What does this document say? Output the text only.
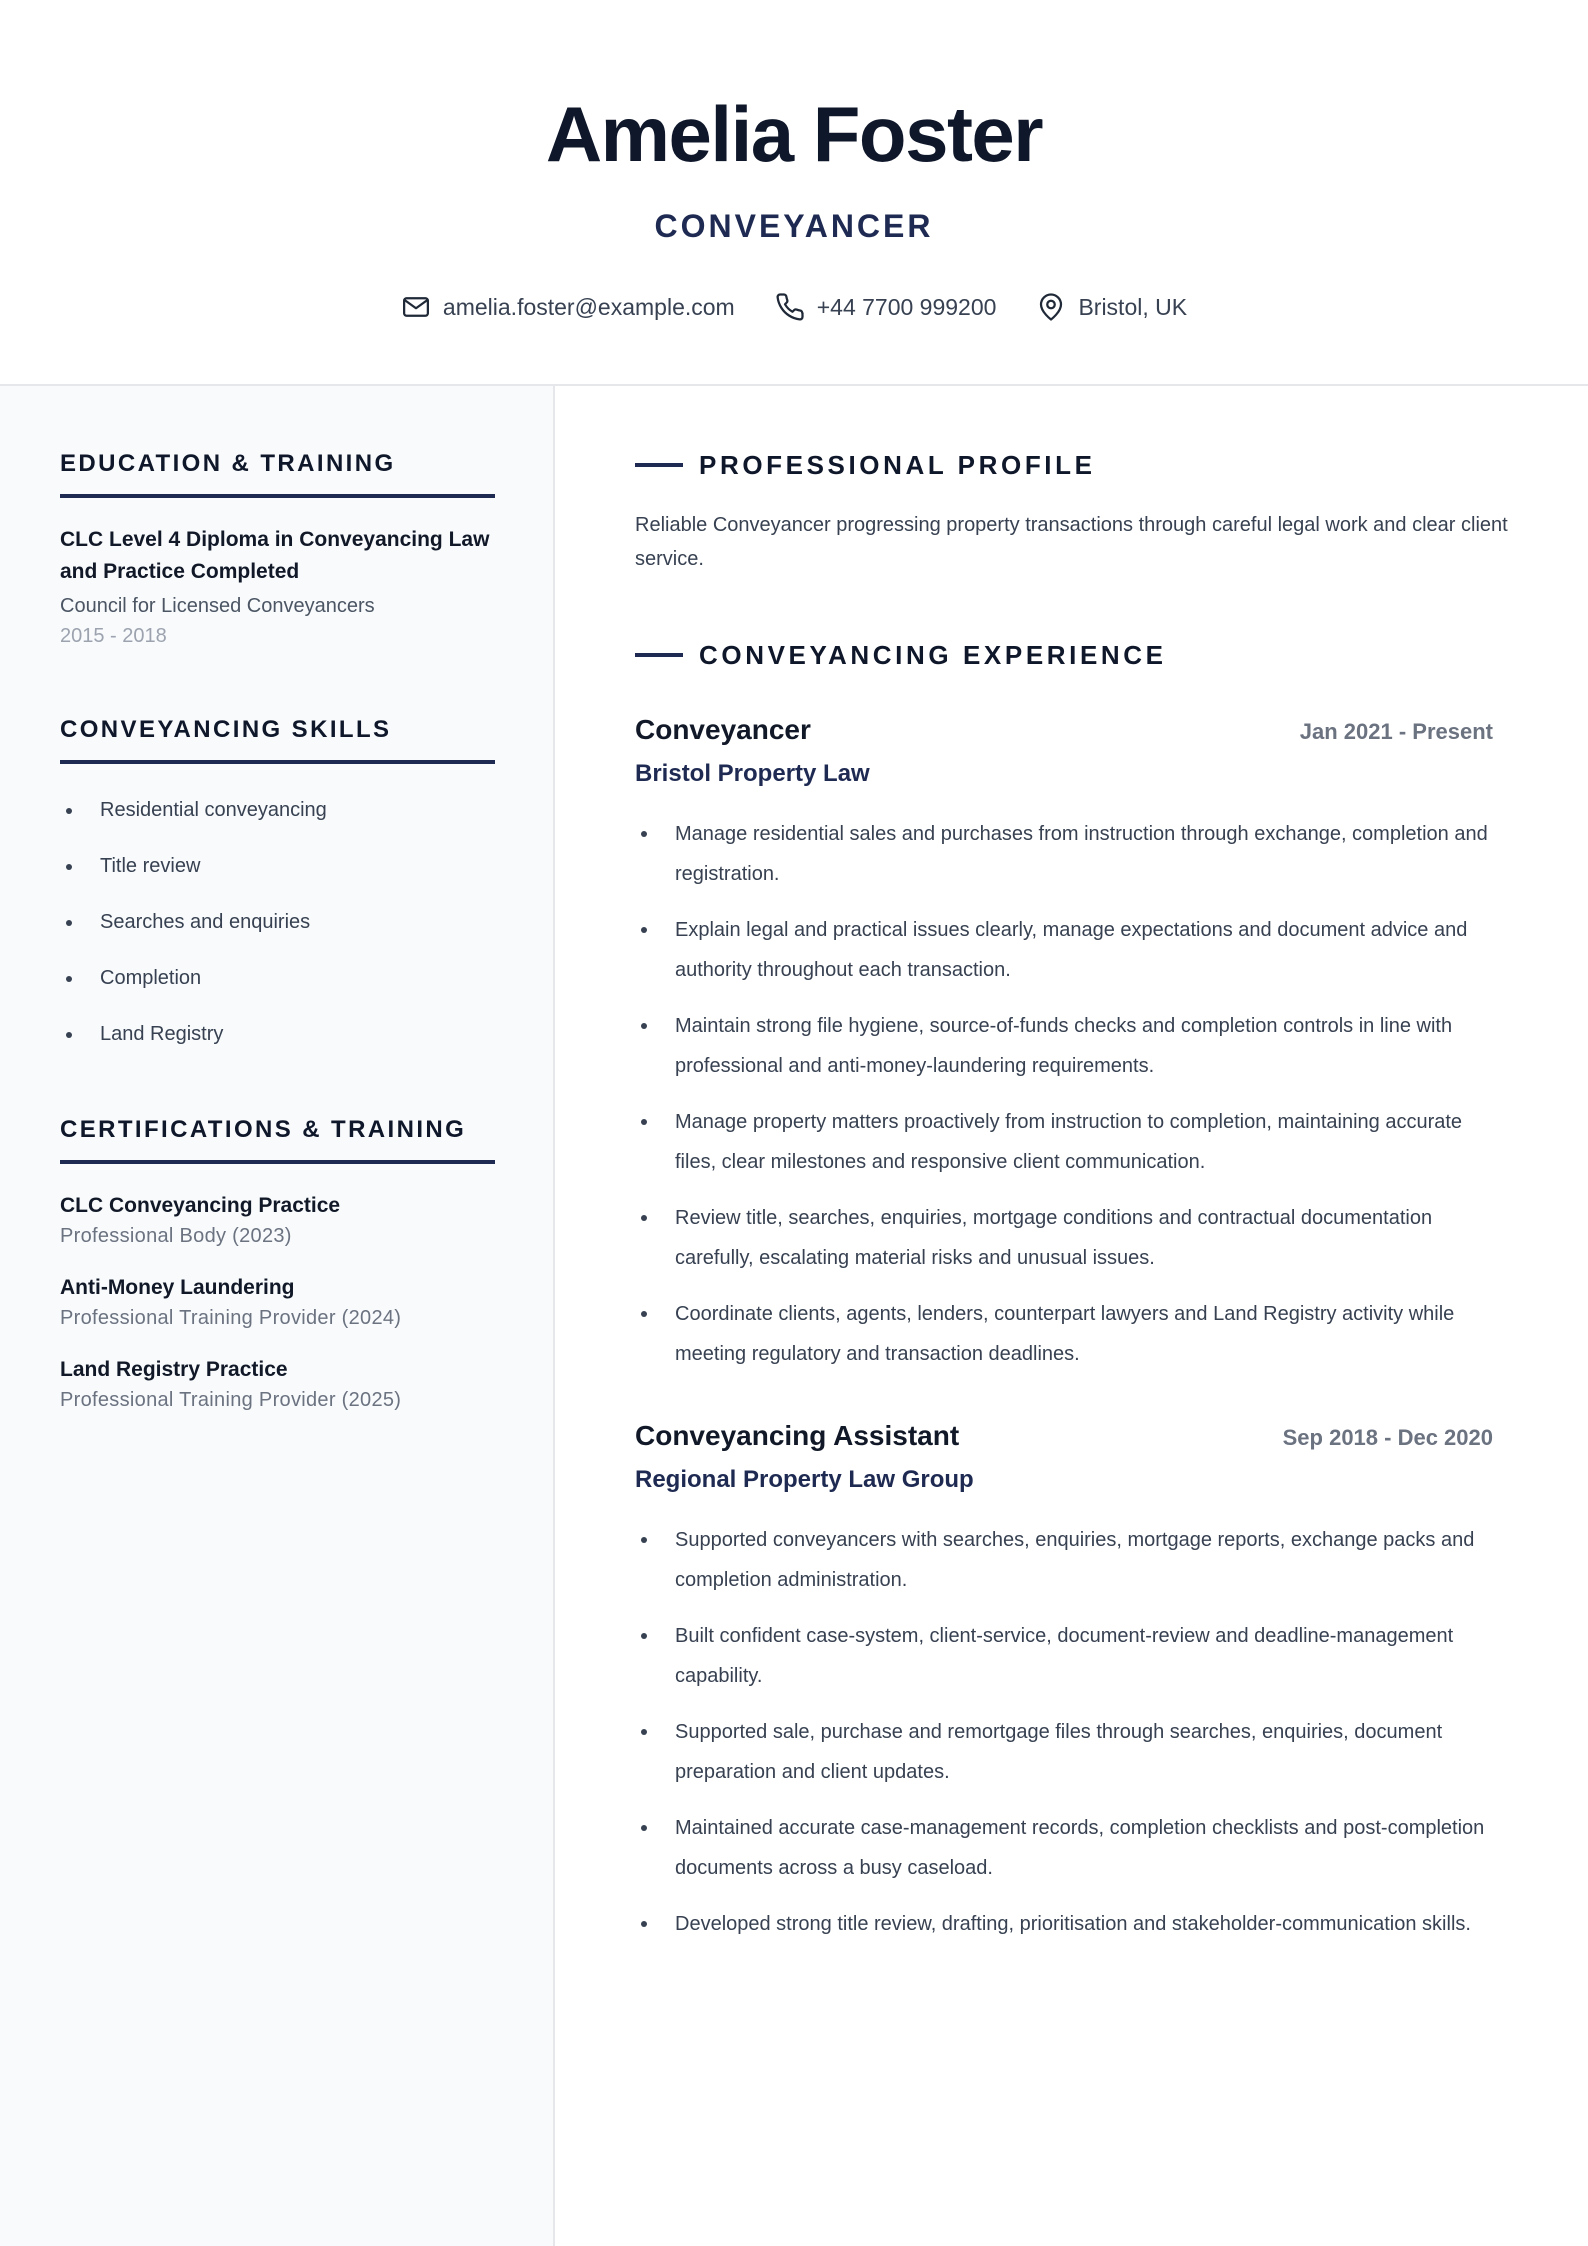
Amelia Foster
CONVEYANCER
amelia.foster@example.com	+44 7700 999200	Bristol, UK
EDUCATION & TRAINING
CLC Level 4 Diploma in Conveyancing Law and Practice Completed
Council for Licensed Conveyancers
2015 - 2018
CONVEYANCING SKILLS
Residential conveyancing
Title review
Searches and enquiries
Completion
Land Registry
CERTIFICATIONS & TRAINING
CLC Conveyancing Practice
Professional Body (2023)
Anti-Money Laundering
Professional Training Provider (2024)
Land Registry Practice
Professional Training Provider (2025)
PROFESSIONAL PROFILE
Reliable Conveyancer progressing property transactions through careful legal work and clear client service.
CONVEYANCING EXPERIENCE
Conveyancer	Jan 2021 - Present
Bristol Property Law
Manage residential sales and purchases from instruction through exchange, completion and registration.
Explain legal and practical issues clearly, manage expectations and document advice and authority throughout each transaction.
Maintain strong file hygiene, source-of-funds checks and completion controls in line with professional and anti-money-laundering requirements.
Manage property matters proactively from instruction to completion, maintaining accurate files, clear milestones and responsive client communication.
Review title, searches, enquiries, mortgage conditions and contractual documentation carefully, escalating material risks and unusual issues.
Coordinate clients, agents, lenders, counterpart lawyers and Land Registry activity while meeting regulatory and transaction deadlines.
Conveyancing Assistant	Sep 2018 - Dec 2020
Regional Property Law Group
Supported conveyancers with searches, enquiries, mortgage reports, exchange packs and completion administration.
Built confident case-system, client-service, document-review and deadline-management capability.
Supported sale, purchase and remortgage files through searches, enquiries, document preparation and client updates.
Maintained accurate case-management records, completion checklists and post-completion documents across a busy caseload.
Developed strong title review, drafting, prioritisation and stakeholder-communication skills.
